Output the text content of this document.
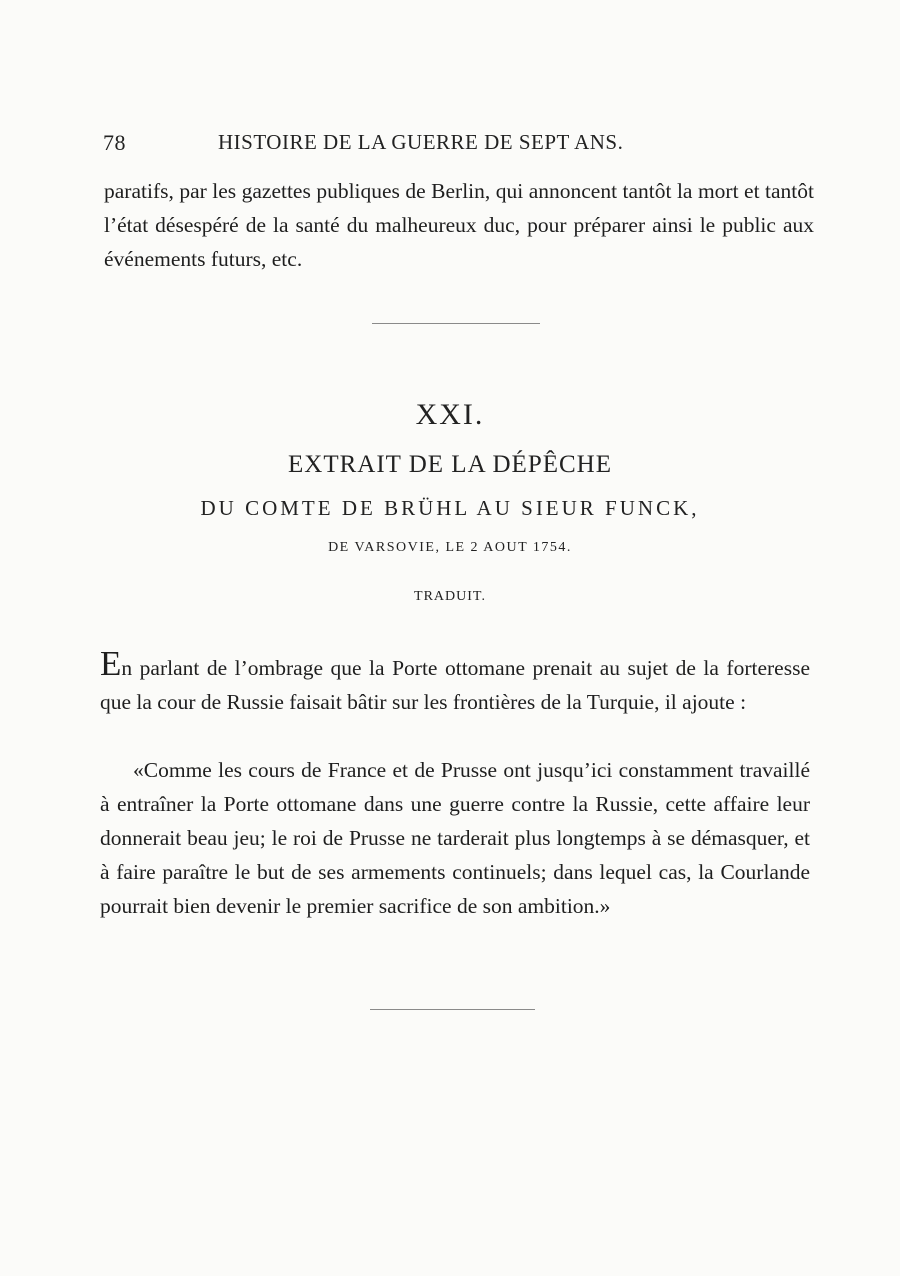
78	HISTOIRE DE LA GUERRE DE SEPT ANS.

paratifs, par les gazettes publiques de Berlin, qui annoncent tantôt la mort et tantôt l’état désespéré de la santé du malheureux duc, pour préparer ainsi le public aux événements futurs, etc.

XXI.
EXTRAIT DE LA DÉPÊCHE
DU COMTE DE BRÜHL AU SIEUR FUNCK,
DE VARSOVIE, LE 2 AOUT 1754.
TRADUIT.

En parlant de l’ombrage que la Porte ottomane prenait au sujet de la forteresse que la cour de Russie faisait bâtir sur les frontières de la Turquie, il ajoute :

«Comme les cours de France et de Prusse ont jusqu’ici constamment travaillé à entraîner la Porte ottomane dans une guerre contre la Russie, cette affaire leur donnerait beau jeu; le roi de Prusse ne tarderait plus longtemps à se démasquer, et à faire paraître le but de ses armements continuels; dans lequel cas, la Courlande pourrait bien devenir le premier sacrifice de son ambition.»
